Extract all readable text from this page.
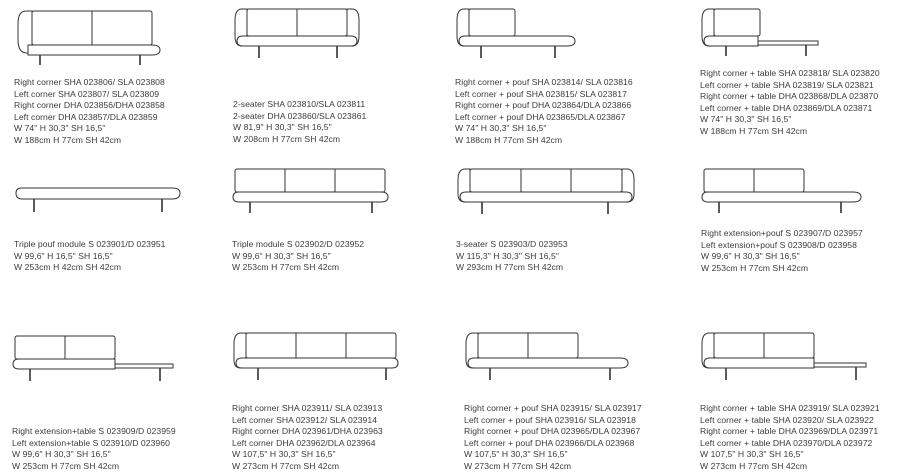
Right corner SHA 023806/ SLA 023808
Left corner SHA 023807/ SLA 023809
Right corner DHA 023856/DHA 023858
Left corner DHA 023857/DLA 023859
W 74" H 30,3" SH 16,5"
W 188cm H 77cm SH 42cm
2-seater SHA 023810/SLA 023811
2-seater DHA 023860/SLA 023861
W 81,9" H 30,3" SH 16,5"
W 208cm H 77cm SH 42cm
Right corner + pouf SHA 023814/ SLA 023816
Left corner + pouf SHA 023815/ SLA 023817
Right corner + pouf DHA 023864/DLA 023866
Left corner + pouf DHA 023865/DLA 023867
W 74" H 30,3" SH 16,5"
W 188cm H 77cm SH 42cm
Right corner + table SHA 023818/ SLA 023820
Left corner + table SHA 023819/ SLA 023821
Right corner + table DHA 023868/DLA 023870
Left corner + table DHA 023869/DLA 023871
W 74" H 30,3" SH 16,5"
W 188cm H 77cm SH 42cm
Triple pouf module S 023901/D 023951
W 99,6" H 16,5" SH 16,5"
W 253cm H 42cm SH 42cm
Triple module S 023902/D 023952
W 99,6" H 30,3" SH 16,5"
W 253cm H 77cm SH 42cm
3-seater S 023903/D 023953
W 115,3" H 30,3" SH 16,5"
W 293cm H 77cm SH 42cm
Right extension+pouf S 023907/D 023957
Left extension+pouf S 023908/D 023958
W 99,6" H 30,3" SH 16,5"
W 253cm H 77cm SH 42cm
Right extension+table S 023909/D 023959
Left extension+table S 023910/D 023960
W 99,6" H 30,3" SH 16,5"
W 253cm H 77cm SH 42cm
Right corner SHA 023911/ SLA 023913
Left corner SHA 023912/ SLA 023914
Right corner DHA 023961/DHA 023963
Left corner DHA 023962/DLA 023964
W 107,5" H 30,3" SH 16,5"
W 273cm H 77cm SH 42cm
Right corner + pouf SHA 023915/ SLA 023917
Left corner + pouf SHA 023916/ SLA 023918
Right corner + pouf DHA 023965/DLA 023967
Left corner + pouf DHA 023966/DLA 023968
W 107,5" H 30,3" SH 16,5"
W 273cm H 77cm SH 42cm
Right corner + table SHA 023919/ SLA 023921
Left corner + table SHA 023920/ SLA 023922
Right corner + table DHA 023969/DLA 023971
Left corner + table DHA 023970/DLA 023972
W 107,5" H 30,3" SH 16,5"
W 273cm H 77cm SH 42cm
